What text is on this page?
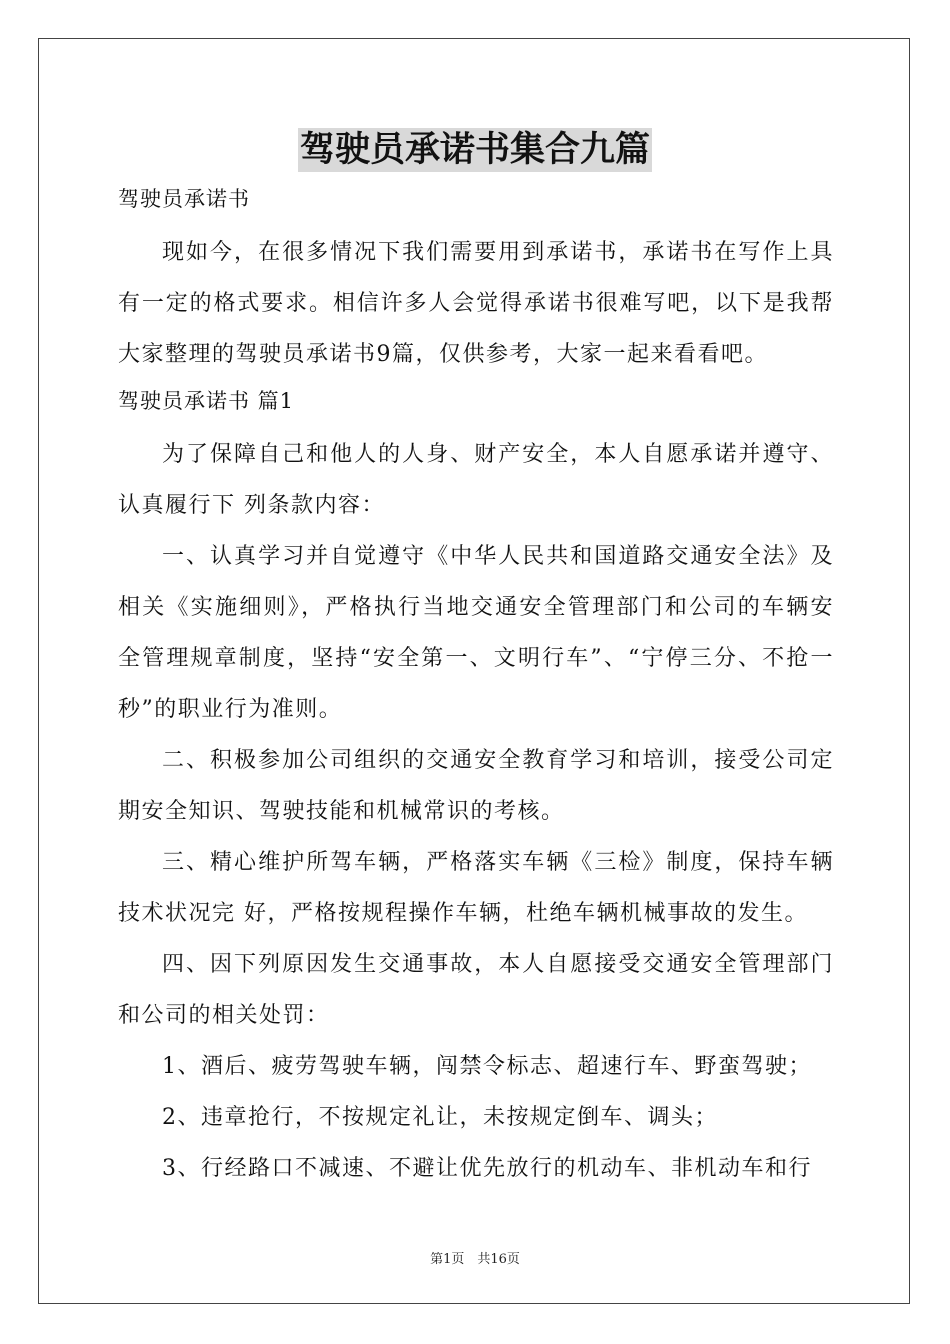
驾驶员承诺书集合九篇
驾驶员承诺书

现如今，在很多情况下我们需要用到承诺书，承诺书在写作上具有一定的格式要求。相信许多人会觉得承诺书很难写吧，以下是我帮大家整理的驾驶员承诺书9篇，仅供参考，大家一起来看看吧。

驾驶员承诺书 篇1

为了保障自己和他人的人身、财产安全，本人自愿承诺并遵守、认真履行下 列条款内容：

一、认真学习并自觉遵守《中华人民共和国道路交通安全法》及相关《实施细则》，严格执行当地交通安全管理部门和公司的车辆安全管理规章制度，坚持“安全第一、文明行车”、“宁停三分、不抢一秒”的职业行为准则。

二、积极参加公司组织的交通安全教育学习和培训，接受公司定期安全知识、驾驶技能和机械常识的考核。

三、精心维护所驾车辆，严格落实车辆《三检》制度，保持车辆技术状况完 好，严格按规程操作车辆，杜绝车辆机械事故的发生。

四、因下列原因发生交通事故，本人自愿接受交通安全管理部门和公司的相关处罚：

1、酒后、疲劳驾驶车辆，闯禁令标志、超速行车、野蛮驾驶；

2、违章抢行，不按规定礼让，未按规定倒车、调头；

3、行经路口不减速、不避让优先放行的机动车、非机动车和行

第1页　共16页
